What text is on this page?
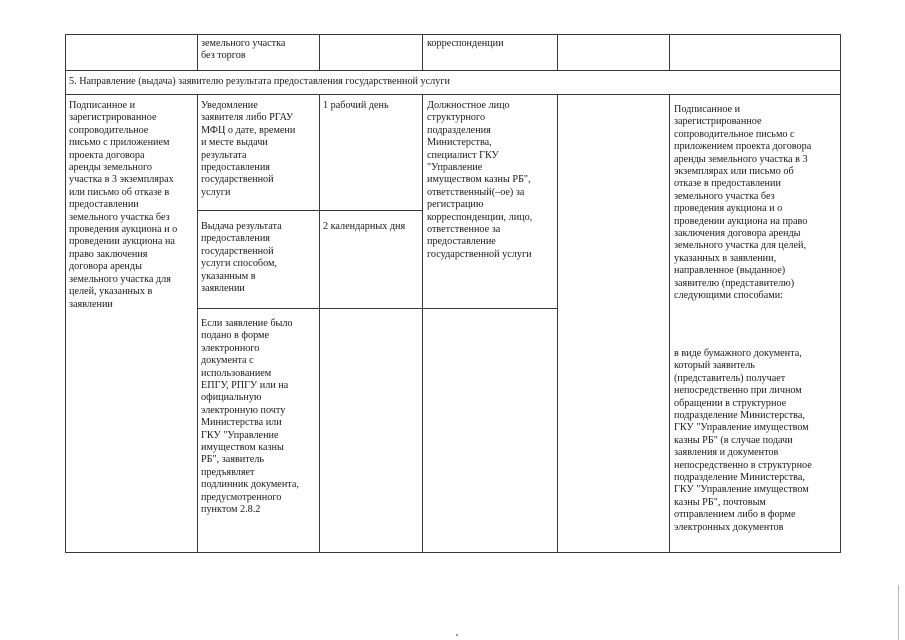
земельного участка
без торгов
корреспонденции
5. Направление (выдача) заявителю результата предоставления государственной услуги
Подписанное и
зарегистрированное
сопроводительное
письмо с приложением
проекта договора
аренды земельного
участка в 3 экземплярах
или письмо об отказе в
предоставлении
земельного участка без
проведения аукциона и о
проведении аукциона на
право заключения
договора аренды
земельного участка для
целей, указанных в
заявлении
Уведомление
заявителя либо РГАУ
МФЦ о дате, времени
и месте выдачи
результата
предоставления
государственной
услуги
Выдача результата
предоставления
государственной
услуги способом,
указанным в
заявлении
Если заявление было
подано в форме
электронного
документа с
использованием
ЕПГУ, РПГУ или на
официальную
электронную почту
Министерства или
ГКУ "Управление
имуществом казны
РБ", заявитель
предъявляет
подлинник документа,
предусмотренного
пунктом 2.8.2
1 рабочий день
2 календарных дня
Должностное лицо
структурного
подразделения
Министерства,
специалист ГКУ
"Управление
имуществом казны РБ",
ответственный(–ое) за
регистрацию
корреспонденции, лицо,
ответственное за
предоставление
государственной услуги
Подписанное и
зарегистрированное
сопроводительное письмо с
приложением проекта договора
аренды земельного участка в 3
экземплярах или письмо об
отказе в предоставлении
земельного участка без
проведения аукциона и о
проведении аукциона на право
заключения договора аренды
земельного участка для целей,
указанных в заявлении,
направленное (выданное)
заявителю (представителю)
следующими способами:
в виде бумажного документа,
который заявитель
(представитель) получает
непосредственно при личном
обращении в структурное
подразделение Министерства,
ГКУ "Управление имуществом
казны РБ" (в случае подачи
заявления и документов
непосредственно в структурное
подразделение Министерства,
ГКУ "Управление имуществом
казны РБ", почтовым
отправлением либо в форме
электронных документов
